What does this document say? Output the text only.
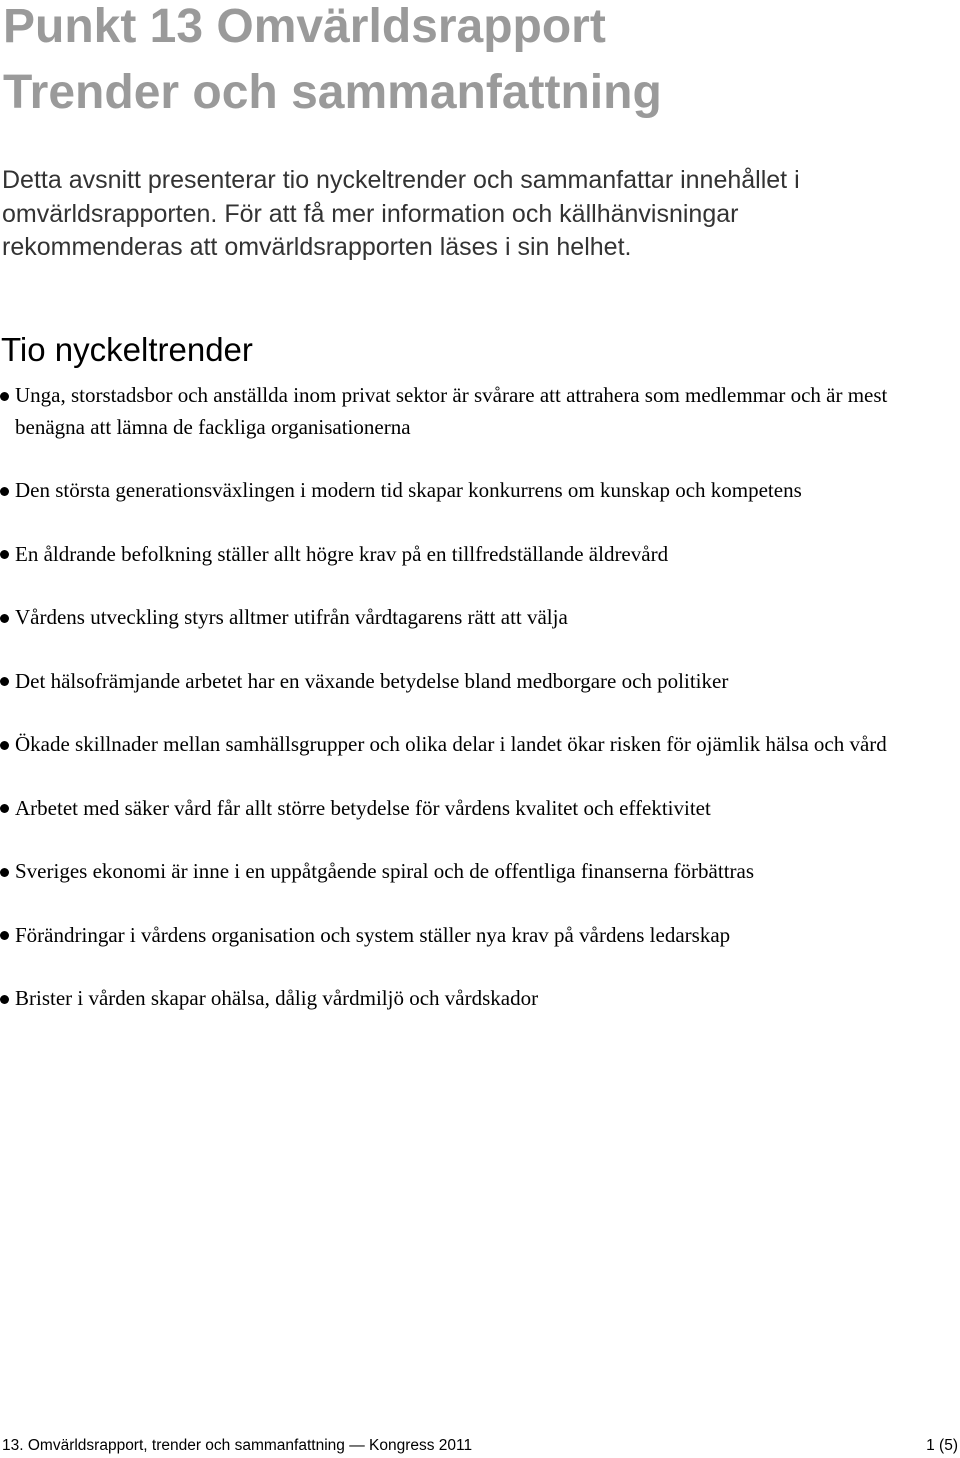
Punkt 13 Omvärldsrapport
Trender och sammanfattning

Detta avsnitt presenterar tio nyckeltrender och sammanfattar innehållet i omvärldsrapporten. För att få mer information och källhänvisningar rekommenderas att omvärldsrapporten läses i sin helhet.

Tio nyckeltrender
Unga, storstadsbor och anställda inom privat sektor är svårare att attrahera som medlemmar och är mest benägna att lämna de fackliga organisationerna
Den största generationsväxlingen i modern tid skapar konkurrens om kunskap och kompetens
En åldrande befolkning ställer allt högre krav på en tillfredställande äldrevård
Vårdens utveckling styrs alltmer utifrån vårdtagarens rätt att välja
Det hälsofrämjande arbetet har en växande betydelse bland medborgare och politiker
Ökade skillnader mellan samhällsgrupper och olika delar i landet ökar risken för ojämlik hälsa och vård
Arbetet med säker vård får allt större betydelse för vårdens kvalitet och effektivitet
Sveriges ekonomi är inne i en uppåtgående spiral och de offentliga finanserna förbättras
Förändringar i vårdens organisation och system ställer nya krav på vårdens ledarskap
Brister i vården skapar ohälsa, dålig vårdmiljö och vårdskador
13. Omvärldsrapport, trender och sammanfattning — Kongress 2011	1 (5)
